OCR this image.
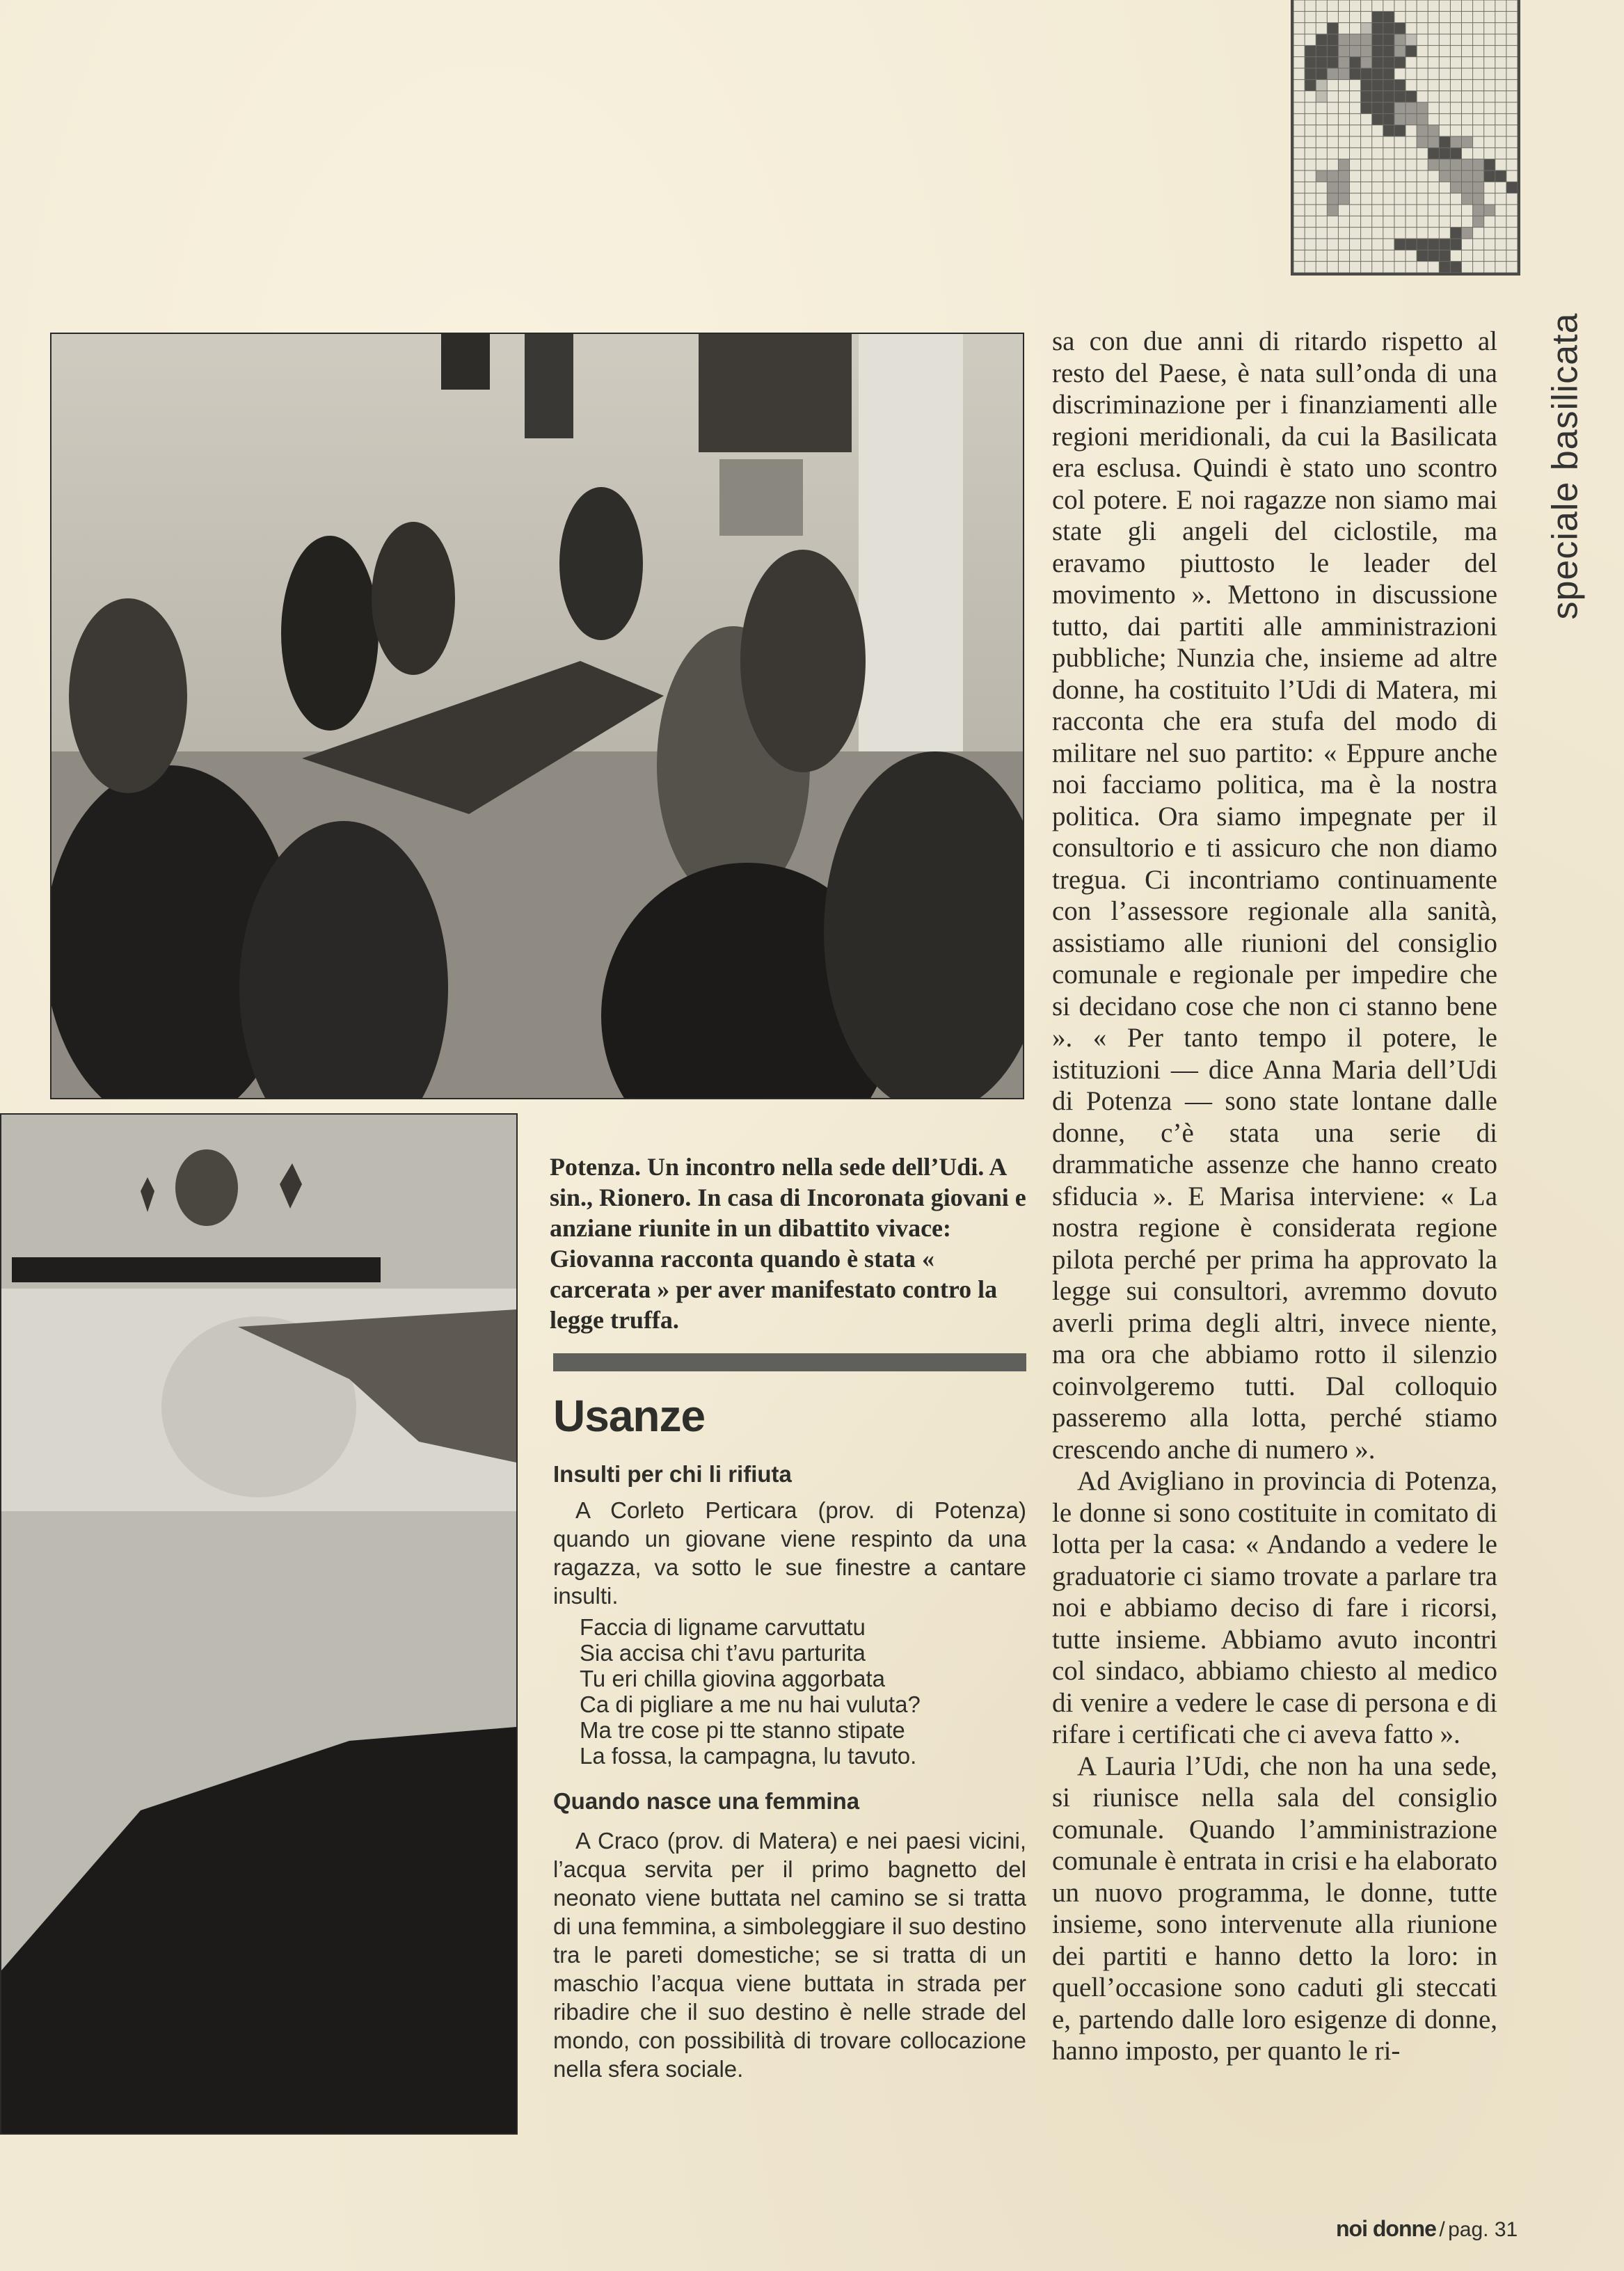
speciale basilicata
Potenza. Un incontro nella sede dell’Udi. A sin., Rionero. In casa di Incoronata giovani e anziane riunite in un dibattito vivace: Giovanna racconta quando è stata « carcerata » per aver manifestato contro la legge truffa.
Usanze
Insulti per chi li rifiuta

A Corleto Perticara (prov. di Potenza) quando un giovane viene respinto da una ragazza, va sotto le sue finestre a cantare insulti.

Faccia di ligname carvuttatu
Sia accisa chi t’avu parturita
Tu eri chilla giovina aggorbata
Ca di pigliare a me nu hai vuluta?
Ma tre cose pi tte stanno stipate
La fossa, la campagna, lu tavuto.
Quando nasce una femmina

A Craco (prov. di Matera) e nei paesi vicini, l’acqua servita per il primo bagnetto del neonato viene buttata nel camino se si tratta di una femmina, a simboleggiare il suo destino tra le pareti domestiche; se si tratta di un maschio l’acqua viene buttata in strada per ribadire che il suo destino è nelle strade del mondo, con possibilità di trovare collocazione nella sfera sociale.

sa con due anni di ritardo rispetto al resto del Paese, è nata sull’onda di una discriminazione per i finanziamenti alle regioni meridionali, da cui la Basilicata era esclusa. Quindi è stato uno scontro col potere. E noi ragazze non siamo mai state gli angeli del ciclostile, ma eravamo piuttosto le leader del movimento ». Mettono in discussione tutto, dai partiti alle amministrazioni pubbliche; Nunzia che, insieme ad altre donne, ha costituito l’Udi di Matera, mi racconta che era stufa del modo di militare nel suo partito: « Eppure anche noi facciamo politica, ma è la nostra politica. Ora siamo impegnate per il consultorio e ti assicuro che non diamo tregua. Ci incontriamo continuamente con l’assessore regionale alla sanità, assistiamo alle riunioni del consiglio comunale e regionale per impedire che si decidano cose che non ci stanno bene ». « Per tanto tempo il potere, le istituzioni — dice Anna Maria dell’Udi di Potenza — sono state lontane dalle donne, c’è stata una serie di drammatiche assenze che hanno creato sfiducia ». E Marisa interviene: « La nostra regione è considerata regione pilota perché per prima ha approvato la legge sui consultori, avremmo dovuto averli prima degli altri, invece niente, ma ora che abbiamo rotto il silenzio coinvolgeremo tutti. Dal colloquio passeremo alla lotta, perché stiamo crescendo anche di numero ».

Ad Avigliano in provincia di Potenza, le donne si sono costituite in comitato di lotta per la casa: « Andando a vedere le graduatorie ci siamo trovate a parlare tra noi e abbiamo deciso di fare i ricorsi, tutte insieme. Abbiamo avuto incontri col sindaco, abbiamo chiesto al medico di venire a vedere le case di persona e di rifare i certificati che ci aveva fatto ».

A Lauria l’Udi, che non ha una sede, si riunisce nella sala del consiglio comunale. Quando l’amministrazione comunale è entrata in crisi e ha elaborato un nuovo programma, le donne, tutte insieme, sono intervenute alla riunione dei partiti e hanno detto la loro: in quell’occasione sono caduti gli steccati e, partendo dalle loro esigenze di donne, hanno imposto, per quanto le ri-

noi donne / pag. 31
